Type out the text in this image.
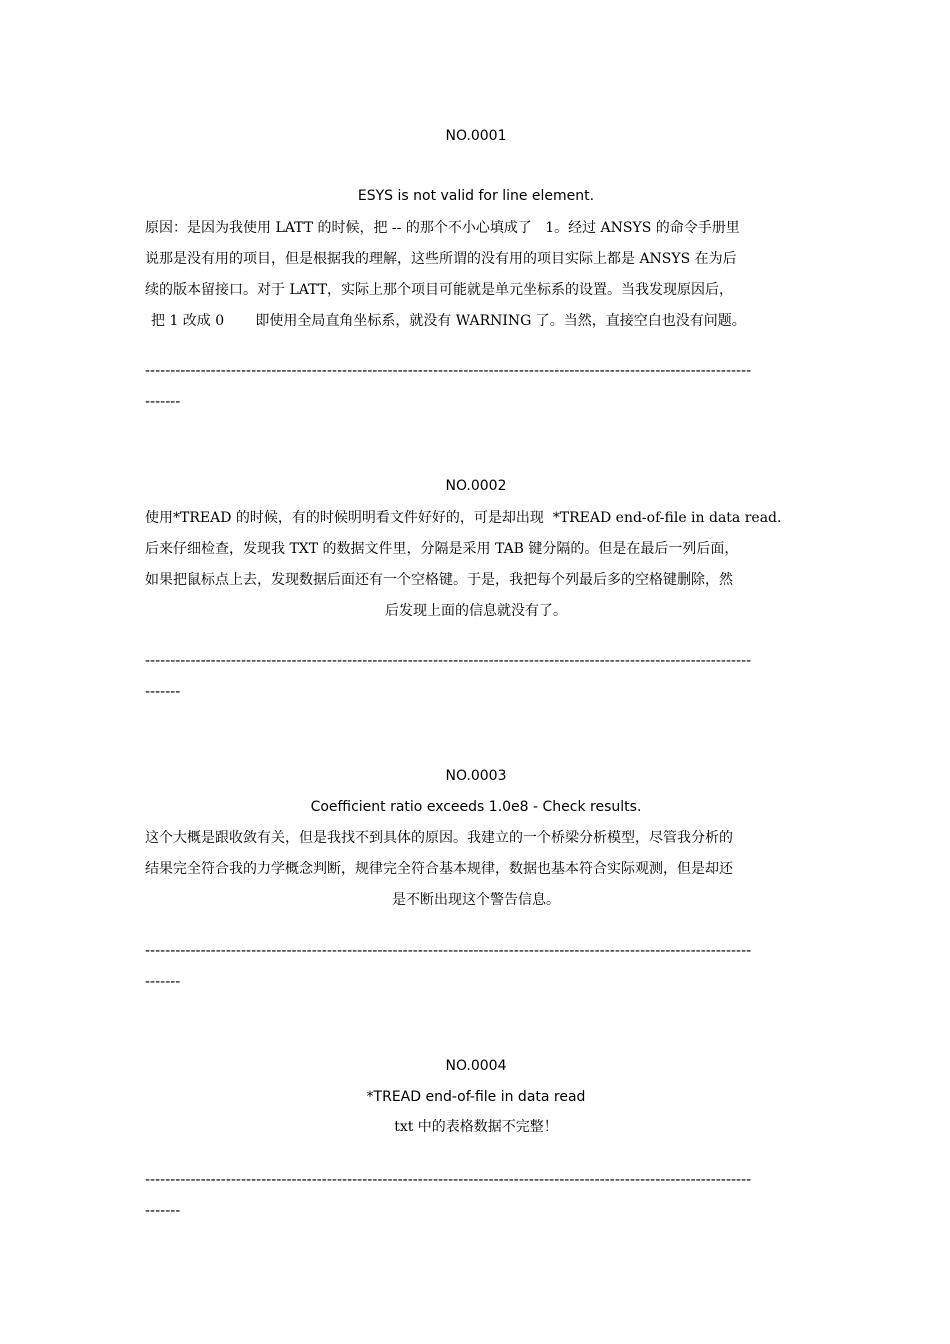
NO.0001
ESYS is not valid for line element.
原因：是因为我使用 LATT 的时候，把 -- 的那个不小心填成了   1。经过 ANSYS 的命令手册里
说那是没有用的项目，但是根据我的理解，这些所谓的没有用的项目实际上都是 ANSYS 在为后
续的版本留接口。对于 LATT，实际上那个项目可能就是单元坐标系的设置。当我发现原因后，
把 1 改成 0       即使用全局直角坐标系，就没有 WARNING 了。当然，直接空白也没有问题。
------------------------------------------------------------------------------------------------------------------------
-------
NO.0002
使用*TREAD 的时候，有的时候明明看文件好好的，可是却出现  *TREAD end-of-file in data read.
后来仔细检查，发现我 TXT 的数据文件里，分隔是采用 TAB 键分隔的。但是在最后一列后面，
如果把鼠标点上去，发现数据后面还有一个空格键。于是，我把每个列最后多的空格键删除，然
后发现上面的信息就没有了。
------------------------------------------------------------------------------------------------------------------------
-------
NO.0003
Coefficient ratio exceeds 1.0e8 - Check results.
这个大概是跟收敛有关，但是我找不到具体的原因。我建立的一个桥梁分析模型，尽管我分析的
结果完全符合我的力学概念判断，规律完全符合基本规律，数据也基本符合实际观测，但是却还
是不断出现这个警告信息。
------------------------------------------------------------------------------------------------------------------------
-------
NO.0004
*TREAD end-of-file in data read
txt 中的表格数据不完整！
------------------------------------------------------------------------------------------------------------------------
-------
